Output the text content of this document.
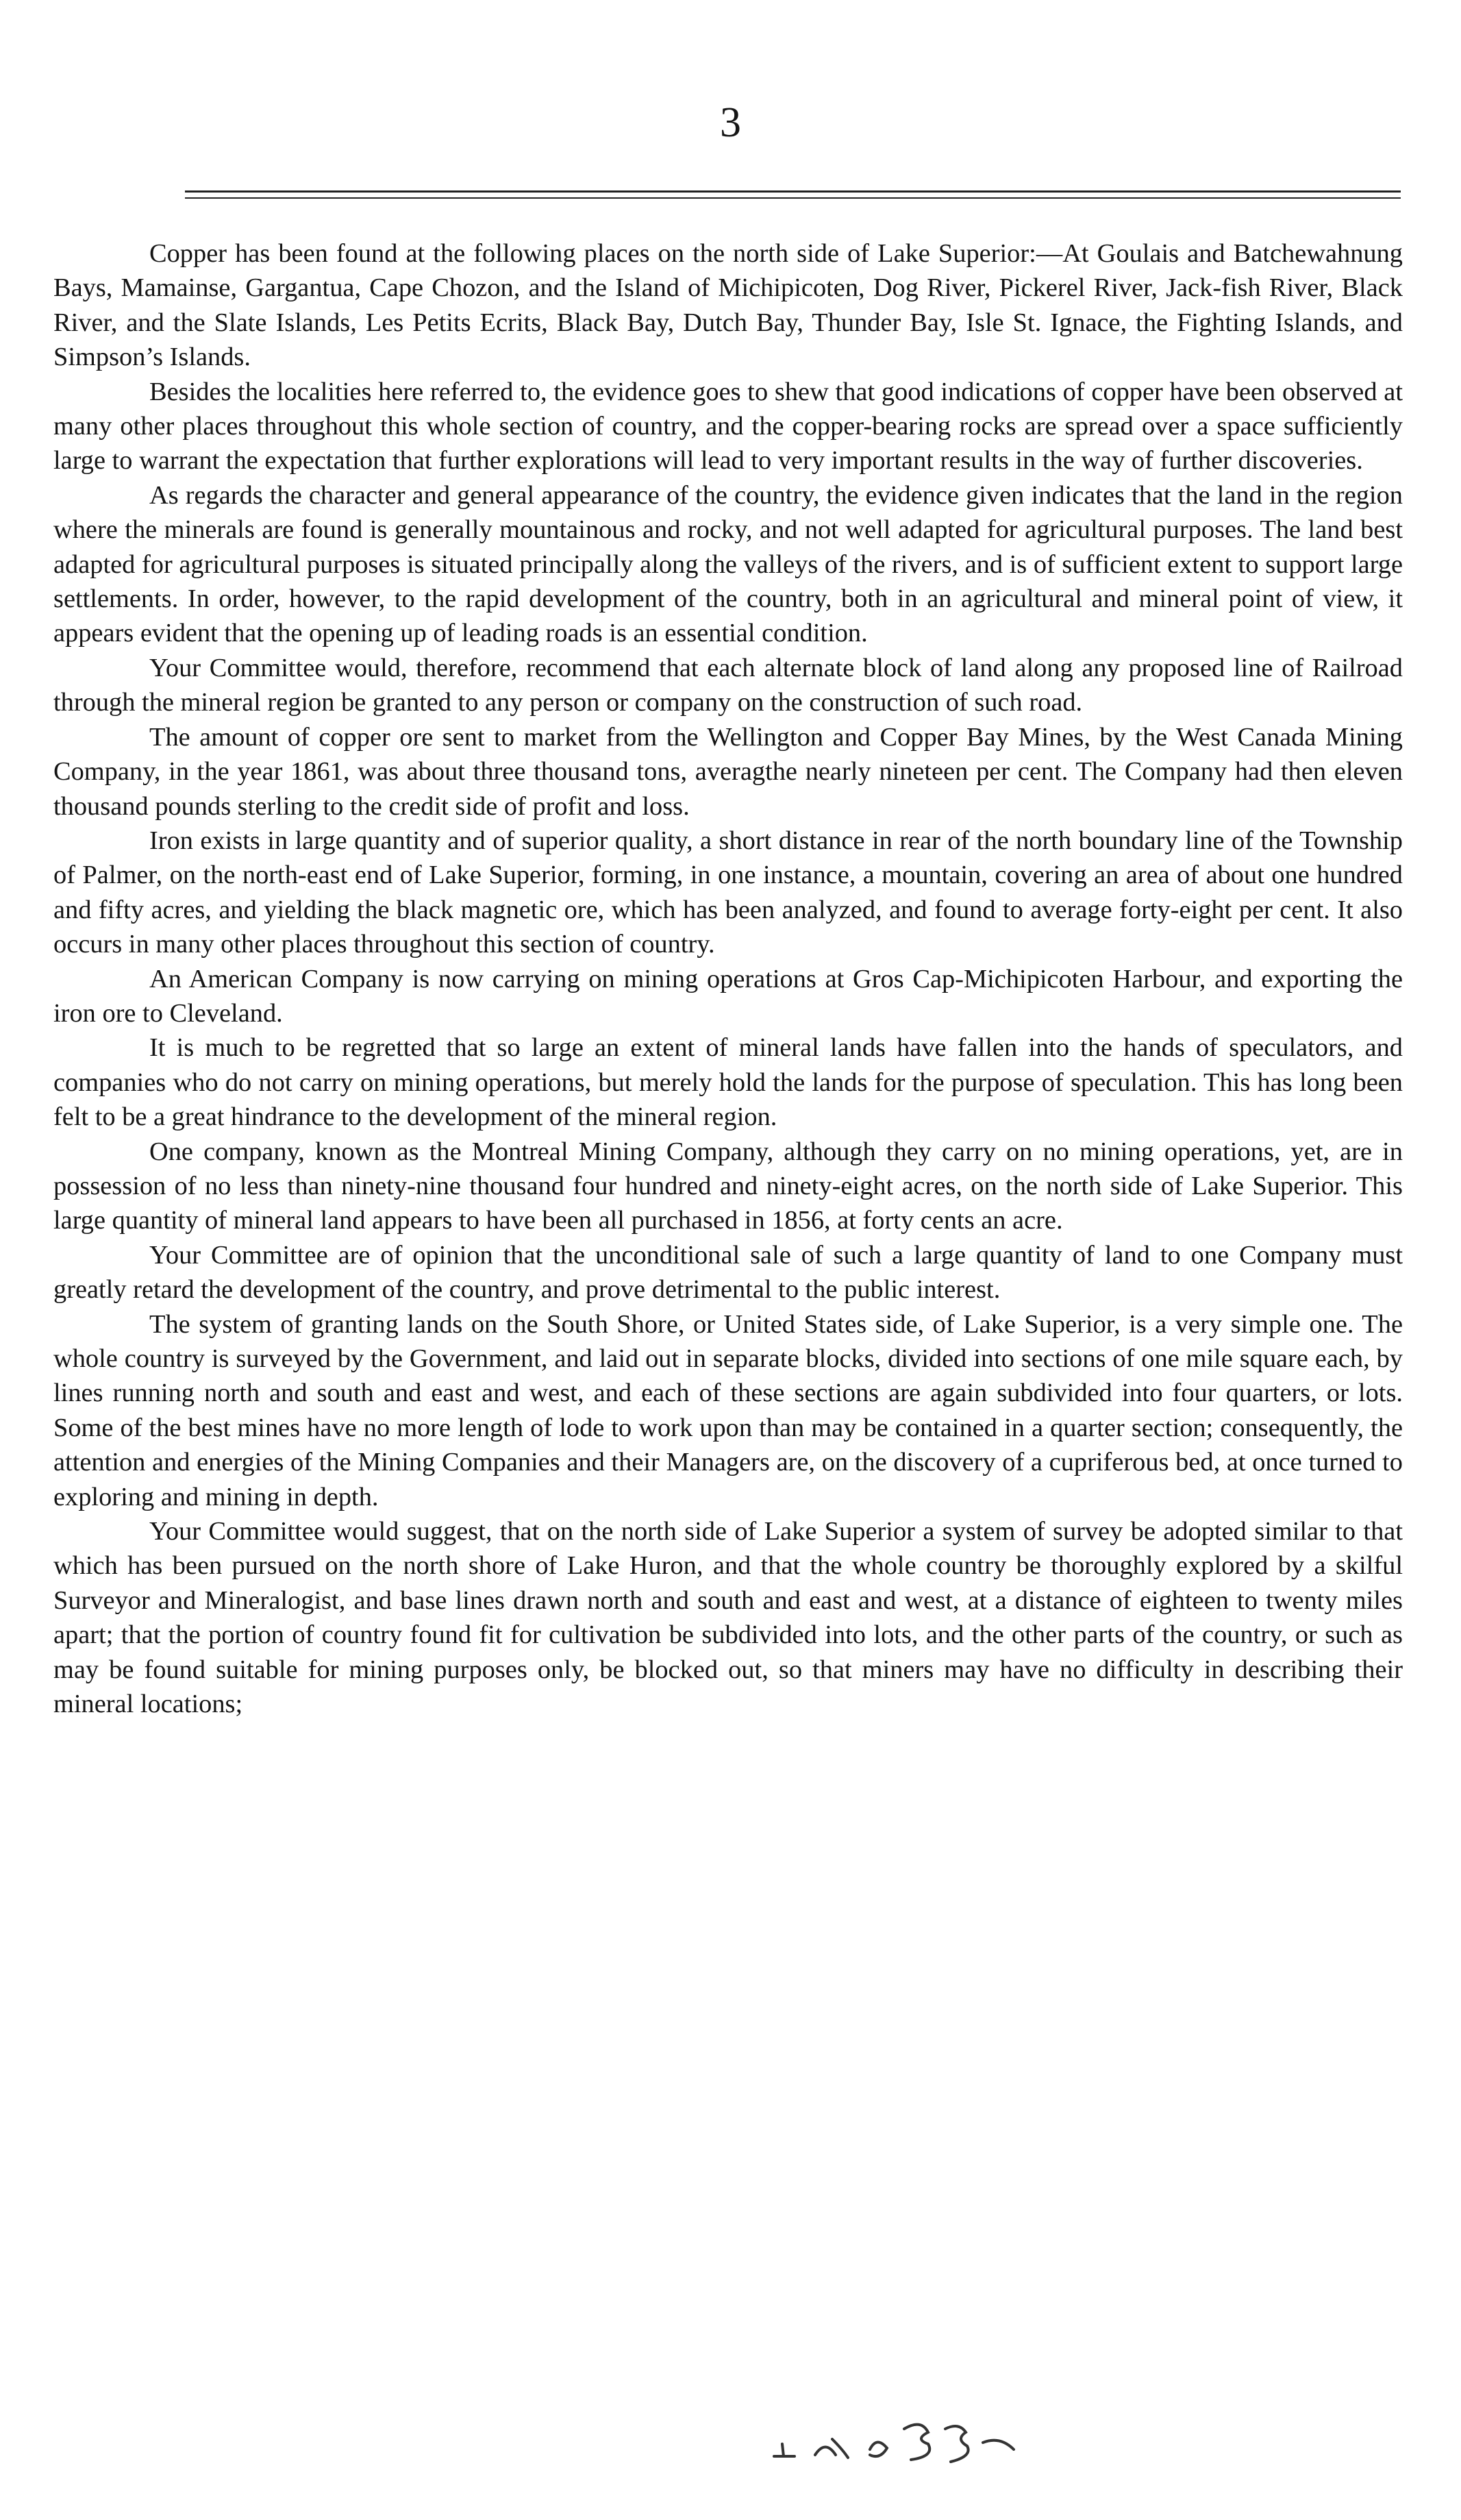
3

Copper has been found at the following places on the north side of Lake Superior:—At Goulais and Batchewahnung Bays, Mamainse, Gargantua, Cape Chozon, and the Island of Michipicoten, Dog River, Pickerel River, Jack-fish River, Black River, and the Slate Islands, Les Petits Ecrits, Black Bay, Dutch Bay, Thunder Bay, Isle St. Ignace, the Fighting Islands, and Simpson’s Islands.

Besides the localities here referred to, the evidence goes to shew that good indications of copper have been observed at many other places throughout this whole section of country, and the copper-bearing rocks are spread over a space sufficiently large to warrant the expectation that further explorations will lead to very important results in the way of further discoveries.

As regards the character and general appearance of the country, the evidence given indicates that the land in the region where the minerals are found is generally mountainous and rocky, and not well adapted for agricultural purposes. The land best adapted for agricultural purposes is situated principally along the valleys of the rivers, and is of sufficient extent to support large settlements. In order, however, to the rapid development of the country, both in an agricultural and mineral point of view, it appears evident that the opening up of leading roads is an essential condition.

Your Committee would, therefore, recommend that each alternate block of land along any proposed line of Railroad through the mineral region be granted to any person or company on the construction of such road.

The amount of copper ore sent to market from the Wellington and Copper Bay Mines, by the West Canada Mining Company, in the year 1861, was about three thousand tons, averagthe nearly nineteen per cent. The Company had then eleven thousand pounds sterling to the credit side of profit and loss.

Iron exists in large quantity and of superior quality, a short distance in rear of the north boundary line of the Township of Palmer, on the north-east end of Lake Superior, forming, in one instance, a mountain, covering an area of about one hundred and fifty acres, and yielding the black magnetic ore, which has been analyzed, and found to average forty-eight per cent. It also occurs in many other places throughout this section of country.

An American Company is now carrying on mining operations at Gros Cap-Michipicoten Harbour, and exporting the iron ore to Cleveland.

It is much to be regretted that so large an extent of mineral lands have fallen into the hands of speculators, and companies who do not carry on mining operations, but merely hold the lands for the purpose of speculation. This has long been felt to be a great hindrance to the development of the mineral region.

One company, known as the Montreal Mining Company, although they carry on no mining operations, yet, are in possession of no less than ninety-nine thousand four hundred and ninety-eight acres, on the north side of Lake Superior. This large quantity of mineral land appears to have been all purchased in 1856, at forty cents an acre.

Your Committee are of opinion that the unconditional sale of such a large quantity of land to one Company must greatly retard the development of the country, and prove detrimental to the public interest.

The system of granting lands on the South Shore, or United States side, of Lake Superior, is a very simple one. The whole country is surveyed by the Government, and laid out in separate blocks, divided into sections of one mile square each, by lines running north and south and east and west, and each of these sections are again subdivided into four quarters, or lots. Some of the best mines have no more length of lode to work upon than may be contained in a quarter section; consequently, the attention and energies of the Mining Companies and their Managers are, on the discovery of a cupriferous bed, at once turned to exploring and mining in depth.

Your Committee would suggest, that on the north side of Lake Superior a system of survey be adopted similar to that which has been pursued on the north shore of Lake Huron, and that the whole country be thoroughly explored by a skilful Surveyor and Mineralogist, and base lines drawn north and south and east and west, at a distance of eighteen to twenty miles apart; that the portion of country found fit for cultivation be subdivided into lots, and the other parts of the country, or such as may be found suitable for mining purposes only, be blocked out, so that miners may have no difficulty in describing their mineral locations;
